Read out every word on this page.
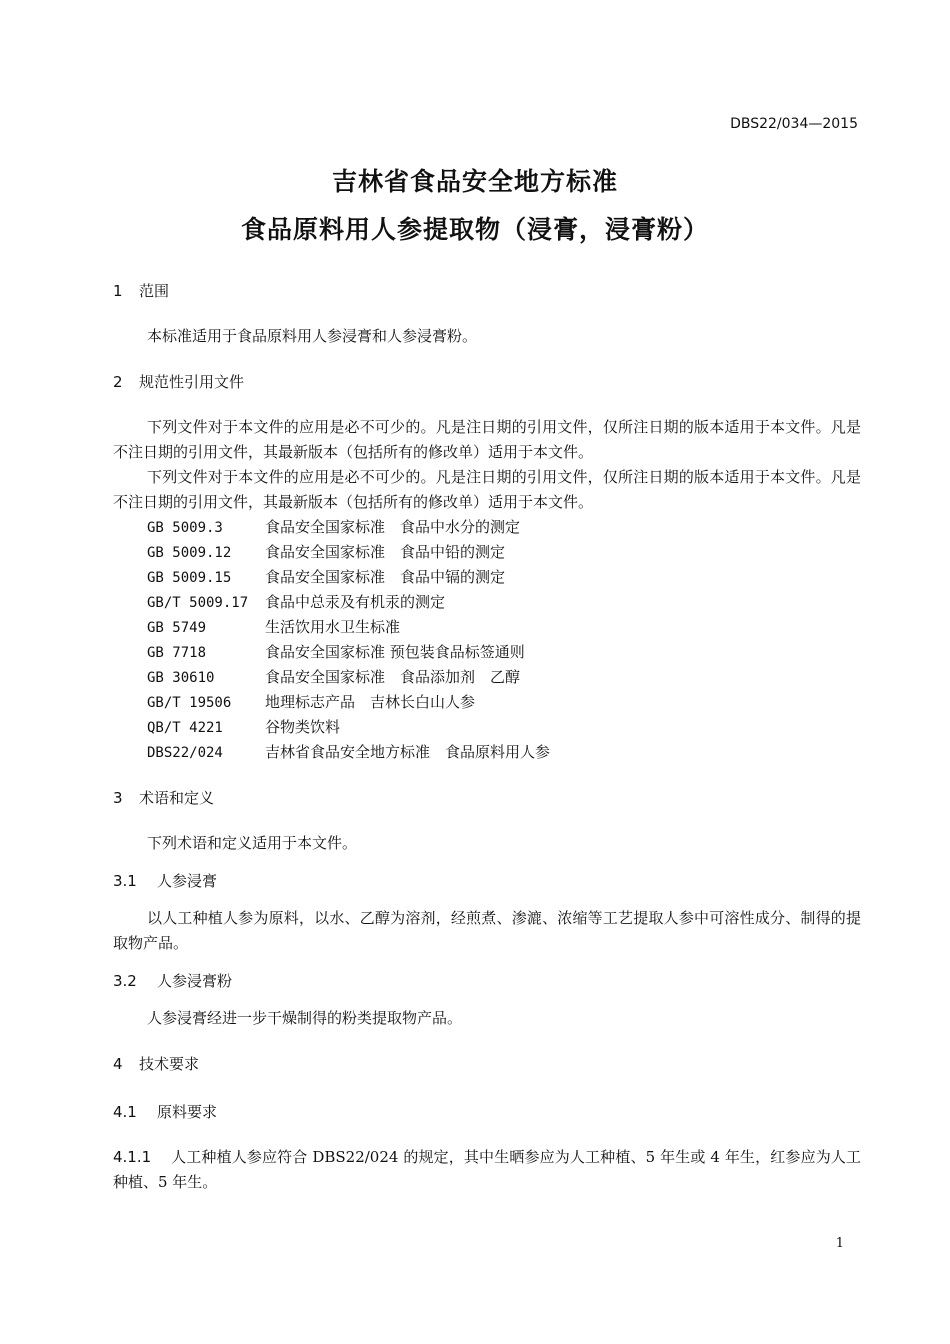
DBS22/034—2015
吉林省食品安全地方标准
食品原料用人参提取物（浸膏，浸膏粉）
1 范围

本标准适用于食品原料用人参浸膏和人参浸膏粉。

2 规范性引用文件

下列文件对于本文件的应用是必不可少的。凡是注日期的引用文件，仅所注日期的版本适用于本文件。凡是不注日期的引用文件，其最新版本（包括所有的修改单）适用于本文件。

下列文件对于本文件的应用是必不可少的。凡是注日期的引用文件，仅所注日期的版本适用于本文件。凡是不注日期的引用文件，其最新版本（包括所有的修改单）适用于本文件。

GB 5009.3	食品安全国家标准　食品中水分的测定
GB 5009.12 食品安全国家标准　食品中铅的测定
GB 5009.15 食品安全国家标准　食品中镉的测定
GB/T 5009.17 食品中总汞及有机汞的测定
GB 5749	生活饮用水卫生标准
GB 7718	食品安全国家标准 预包装食品标签通则
GB 30610	食品安全国家标准　食品添加剂　乙醇
GB/T 19506 地理标志产品　吉林长白山人参
QB/T 4221	谷物类饮料
DBS22/024	吉林省食品安全地方标准　食品原料用人参
3 术语和定义

下列术语和定义适用于本文件。

3.1 人参浸膏

以人工种植人参为原料，以水、乙醇为溶剂，经煎煮、渗漉、浓缩等工艺提取人参中可溶性成分、制得的提取物产品。

3.2 人参浸膏粉

人参浸膏经进一步干燥制得的粉类提取物产品。

4 技术要求
4.1 原料要求

4.1.1 人工种植人参应符合 DBS22/024 的规定，其中生晒参应为人工种植、5 年生或 4 年生，红参应为人工种植、5 年生。

1
